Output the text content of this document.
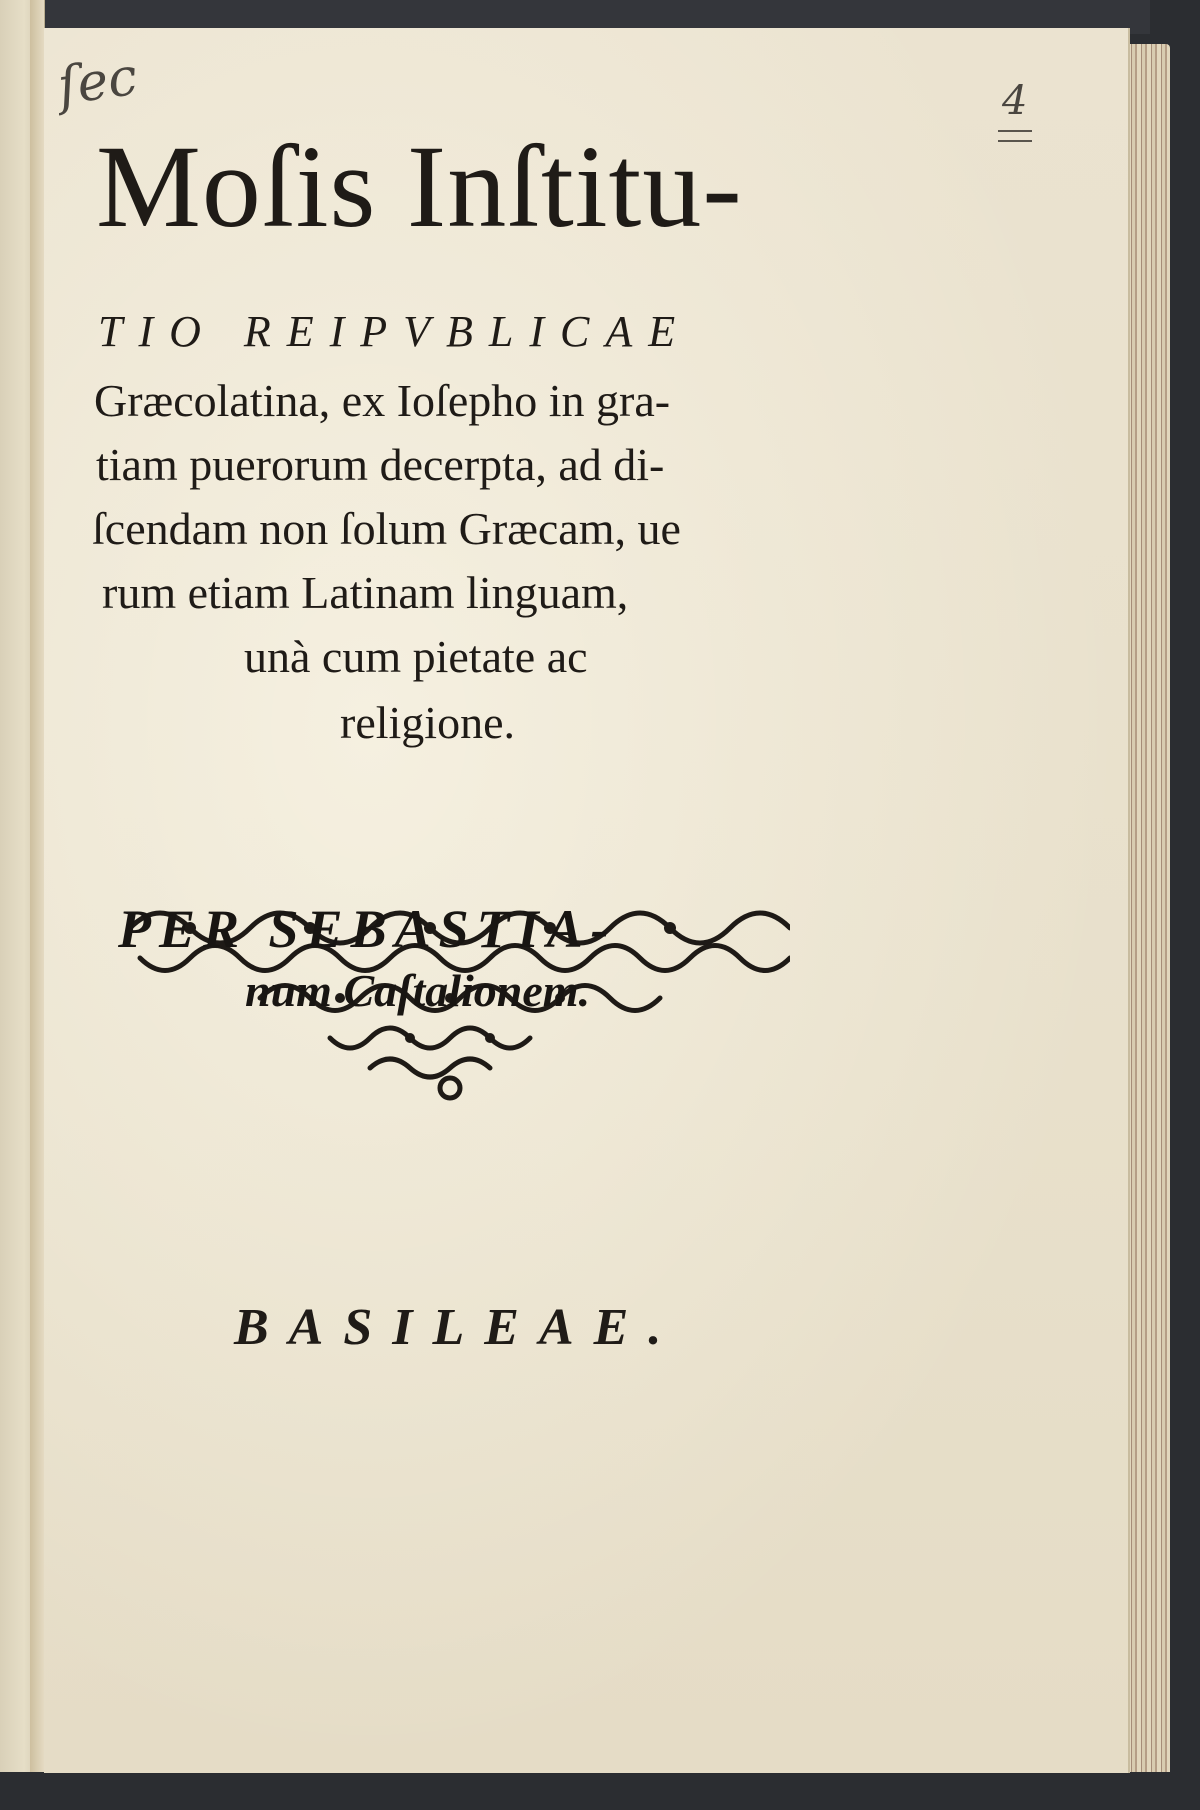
ſec	4
Moſis Inſtitu-
TIO REIPVBLICAE
Græcolatina, ex Ioſepho in gra-
tiam puerorum decerpta, ad di-
ſcendam non ſolum Græcam, ue
rum etiam Latinam linguam,
unà cum pietate ac
religione.
PER SEBASTIA-
num Caſtalionem.
BASILEAE.
